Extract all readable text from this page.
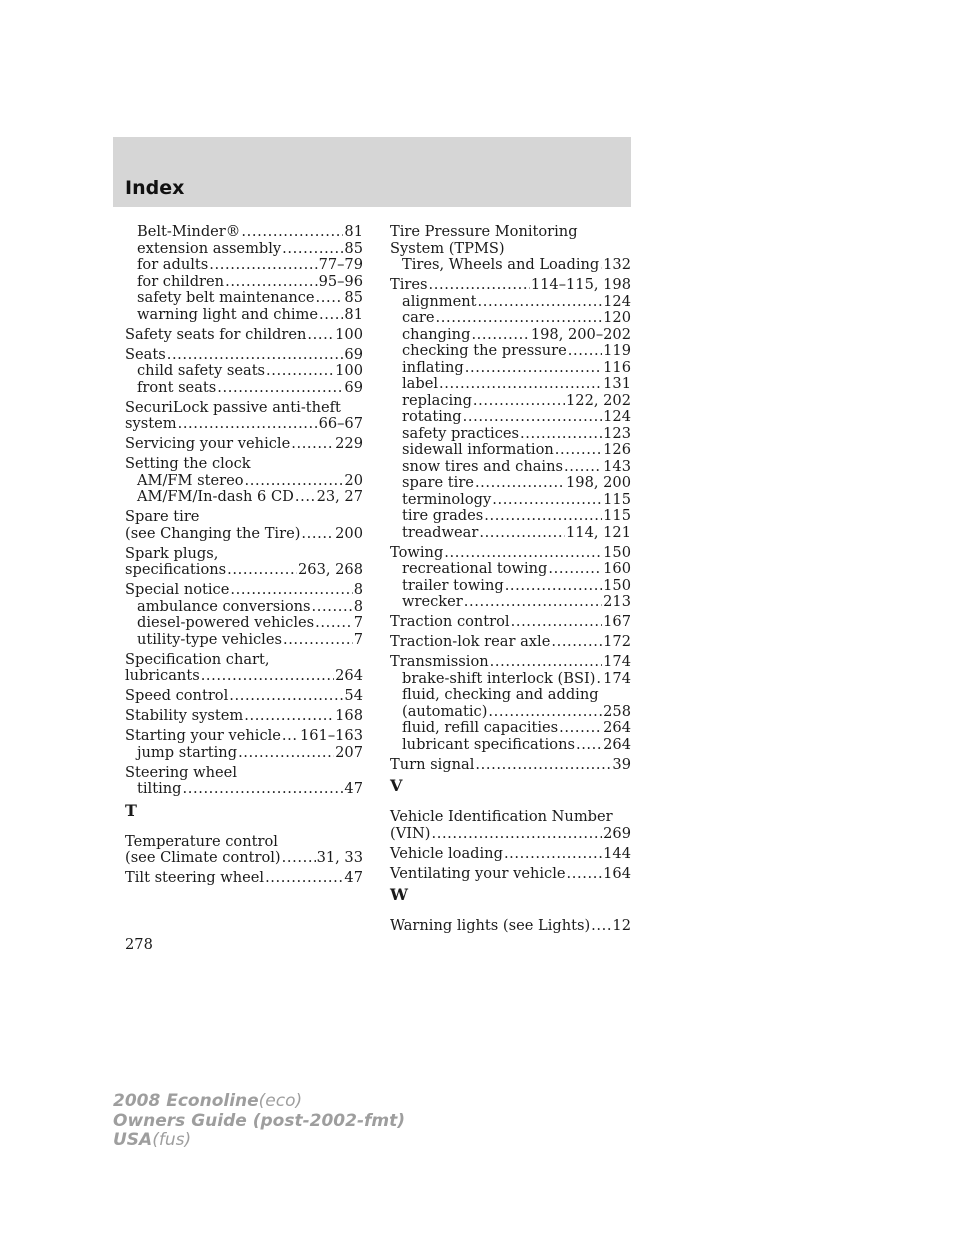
Index
Belt-Minder® .....	81
extension assembly .....	85
for adults .....	77–79
for children .....	95–96
safety belt maintenance ..... 85
warning light and chime ..... 81
Safety seats for children ..... 100
Seats .....	69
child safety seats .....	100
front seats .....	69
SecuriLock passive anti-theft
system .....	66–67
Servicing your vehicle .....	229
Setting the clock
AM/FM stereo .....	20
AM/FM/In-dash 6 CD ..... 23, 27
Spare tire
(see Changing the Tire) ..... 200
Spark plugs,
specifications .....	263, 268
Special notice .....	8
ambulance conversions .....	8
diesel-powered vehicles .....	7
utility-type vehicles .....	7
Specification chart,
lubricants .....	264
Speed control .....	54
Stability system .....	168
Starting your vehicle ..... 161–163
jump starting .....	207
Steering wheel
tilting .....	47
T
Temperature control
(see Climate control) ..... 31, 33
Tilt steering wheel .....	47
Tire Pressure Monitoring
System (TPMS)
Tires, Wheels and Loading ..... 132
Tires .....	114–115, 198
alignment .....	124
care .....	120
changing .....	198, 200–202
checking the pressure ..... 119
inflating .....	116
label .....	131
replacing .....	122, 202
rotating .....	124
safety practices .....	123
sidewall information .....	126
snow tires and chains .....	143
spare tire .....	198, 200
terminology .....	115
tire grades .....	115
treadwear .....	114, 121
Towing .....	150
recreational towing .....	160
trailer towing .....	150
wrecker .....	213
Traction control .....	167
Traction-lok rear axle .....	172
Transmission .....	174
brake-shift interlock (BSI) ..... 174
fluid, checking and adding
(automatic) .....	258
fluid, refill capacities .....	264
lubricant specifications ..... 264
Turn signal .....	39
V
Vehicle Identification Number
(VIN) .....	269
Vehicle loading .....	144
Ventilating your vehicle .....	164
W
Warning lights (see Lights) ..... 12
278
2008 Econoline(eco)
Owners Guide (post-2002-fmt)
USA(fus)
